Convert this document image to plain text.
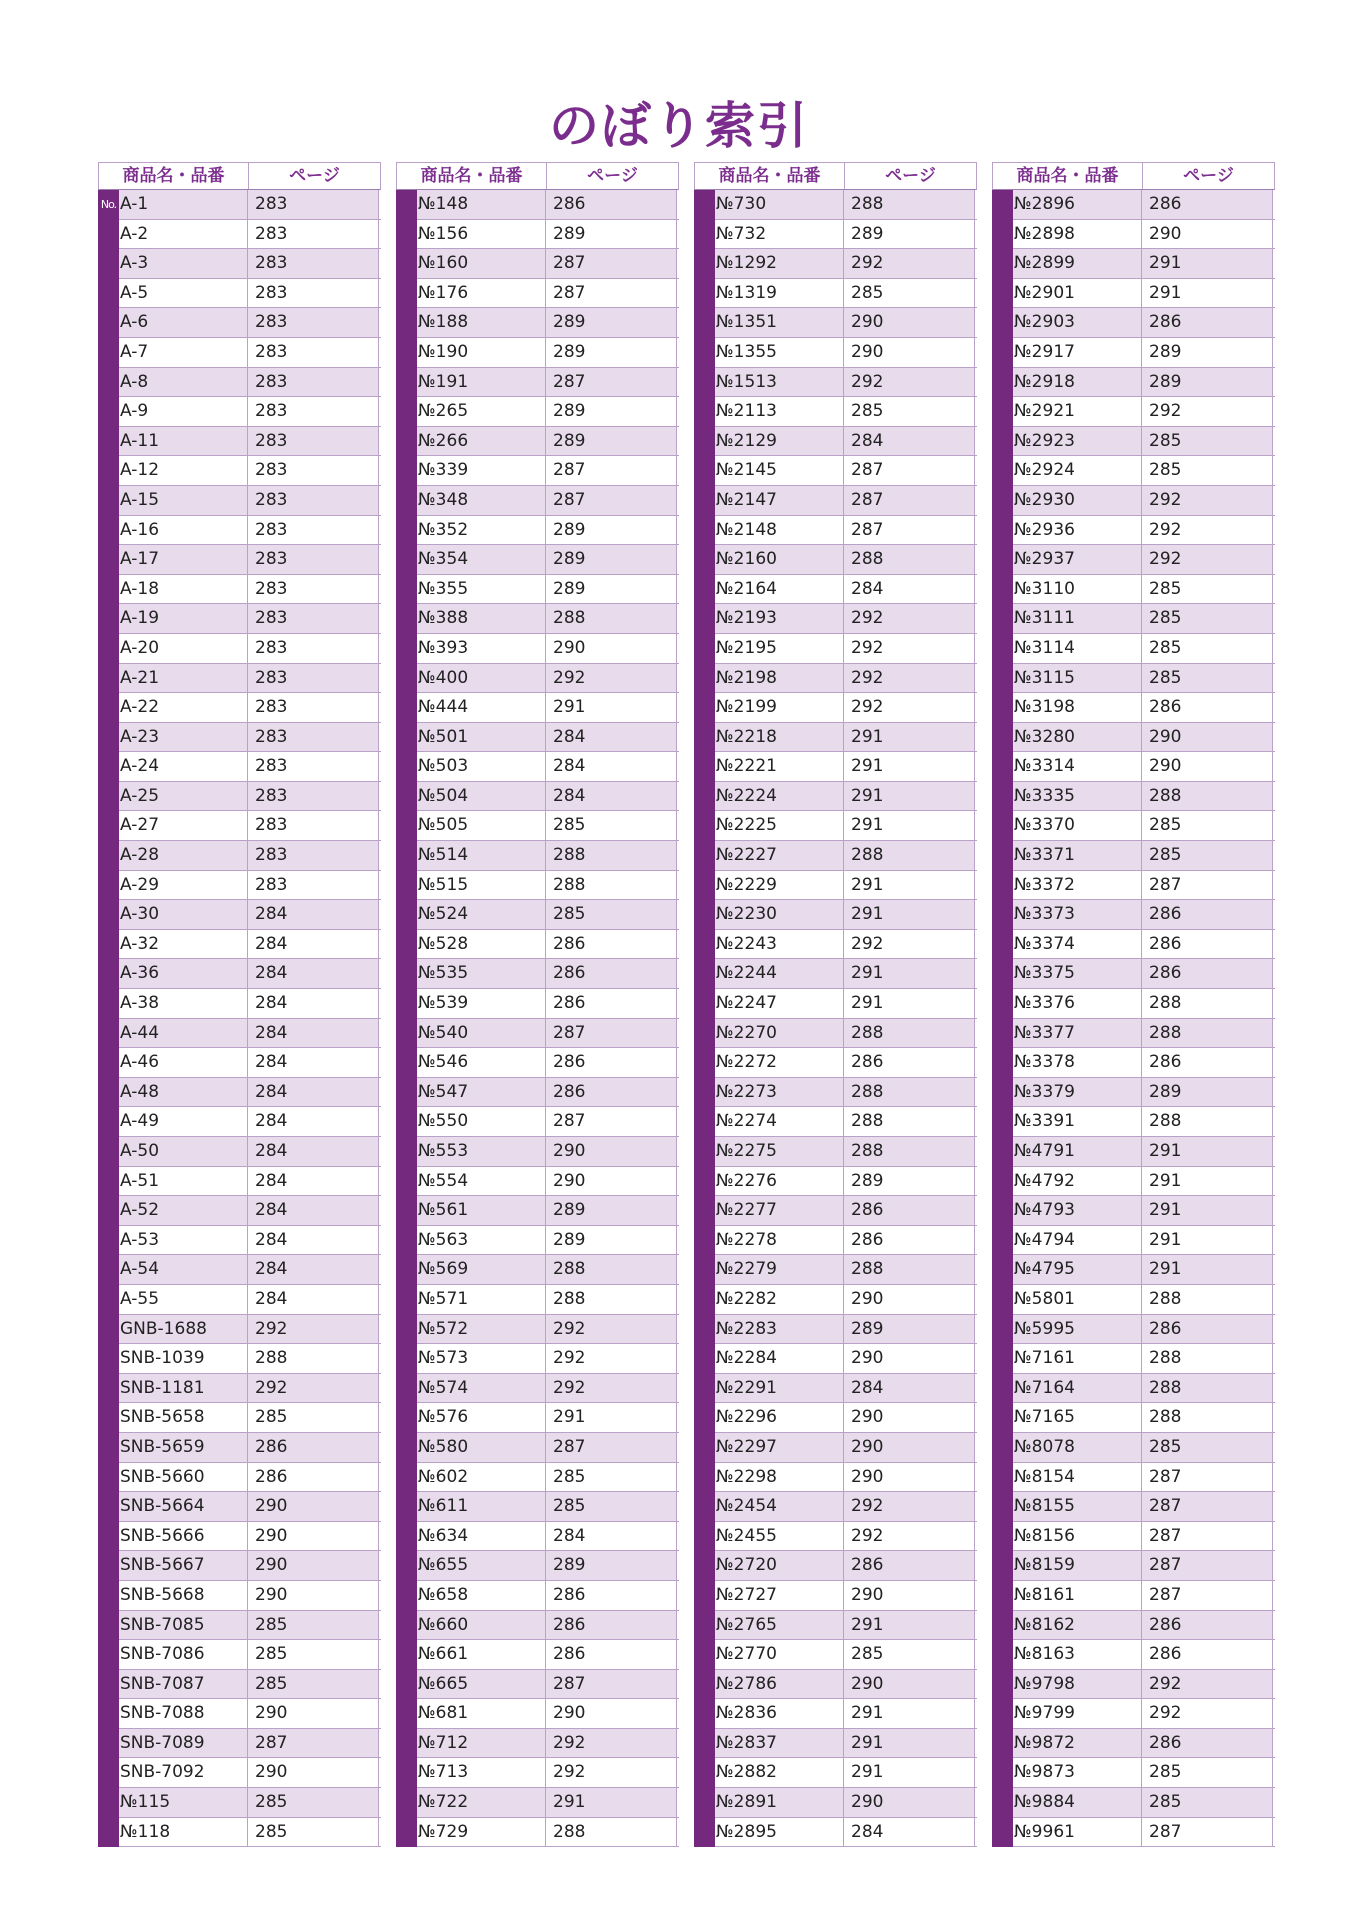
のぼり索引
商品名・品番	ページ
No. A-1	283
A-2	283
A-3	283
A-5	283
A-6	283
A-7	283
A-8	283
A-9	283
A-11	283
A-12	283
A-15	283
A-16	283
A-17	283
A-18	283
A-19	283
A-20	283
A-21	283
A-22	283
A-23	283
A-24	283
A-25	283
A-27	283
A-28	283
A-29	283
A-30	284
A-32	284
A-36	284
A-38	284
A-44	284
A-46	284
A-48	284
A-49	284
A-50	284
A-51	284
A-52	284
A-53	284
A-54	284
A-55	284
GNB-1688	292
SNB-1039	288
SNB-1181	292
SNB-5658	285
SNB-5659	286
SNB-5660	286
SNB-5664	290
SNB-5666	290
SNB-5667	290
SNB-5668	290
SNB-7085	285
SNB-7086	285
SNB-7087	285
SNB-7088	290
SNB-7089	287
SNB-7092	290
№115	285
№118	285
商品名・品番	ページ
№148	286
№156	289
№160	287
№176	287
№188	289
№190	289
№191	287
№265	289
№266	289
№339	287
№348	287
№352	289
№354	289
№355	289
№388	288
№393	290
№400	292
№444	291
№501	284
№503	284
№504	284
№505	285
№514	288
№515	288
№524	285
№528	286
№535	286
№539	286
№540	287
№546	286
№547	286
№550	287
№553	290
№554	290
№561	289
№563	289
№569	288
№571	288
№572	292
№573	292
№574	292
№576	291
№580	287
№602	285
№611	285
№634	284
№655	289
№658	286
№660	286
№661	286
№665	287
№681	290
№712	292
№713	292
№722	291
№729	288
商品名・品番	ページ
№730	288
№732	289
№1292	292
№1319	285
№1351	290
№1355	290
№1513	292
№2113	285
№2129	284
№2145	287
№2147	287
№2148	287
№2160	288
№2164	284
№2193	292
№2195	292
№2198	292
№2199	292
№2218	291
№2221	291
№2224	291
№2225	291
№2227	288
№2229	291
№2230	291
№2243	292
№2244	291
№2247	291
№2270	288
№2272	286
№2273	288
№2274	288
№2275	288
№2276	289
№2277	286
№2278	286
№2279	288
№2282	290
№2283	289
№2284	290
№2291	284
№2296	290
№2297	290
№2298	290
№2454	292
№2455	292
№2720	286
№2727	290
№2765	291
№2770	285
№2786	290
№2836	291
№2837	291
№2882	291
№2891	290
№2895	284
商品名・品番	ページ
№2896	286
№2898	290
№2899	291
№2901	291
№2903	286
№2917	289
№2918	289
№2921	292
№2923	285
№2924	285
№2930	292
№2936	292
№2937	292
№3110	285
№3111	285
№3114	285
№3115	285
№3198	286
№3280	290
№3314	290
№3335	288
№3370	285
№3371	285
№3372	287
№3373	286
№3374	286
№3375	286
№3376	288
№3377	288
№3378	286
№3379	289
№3391	288
№4791	291
№4792	291
№4793	291
№4794	291
№4795	291
№5801	288
№5995	286
№7161	288
№7164	288
№7165	288
№8078	285
№8154	287
№8155	287
№8156	287
№8159	287
№8161	287
№8162	286
№8163	286
№9798	292
№9799	292
№9872	286
№9873	285
№9884	285
№9961	287
